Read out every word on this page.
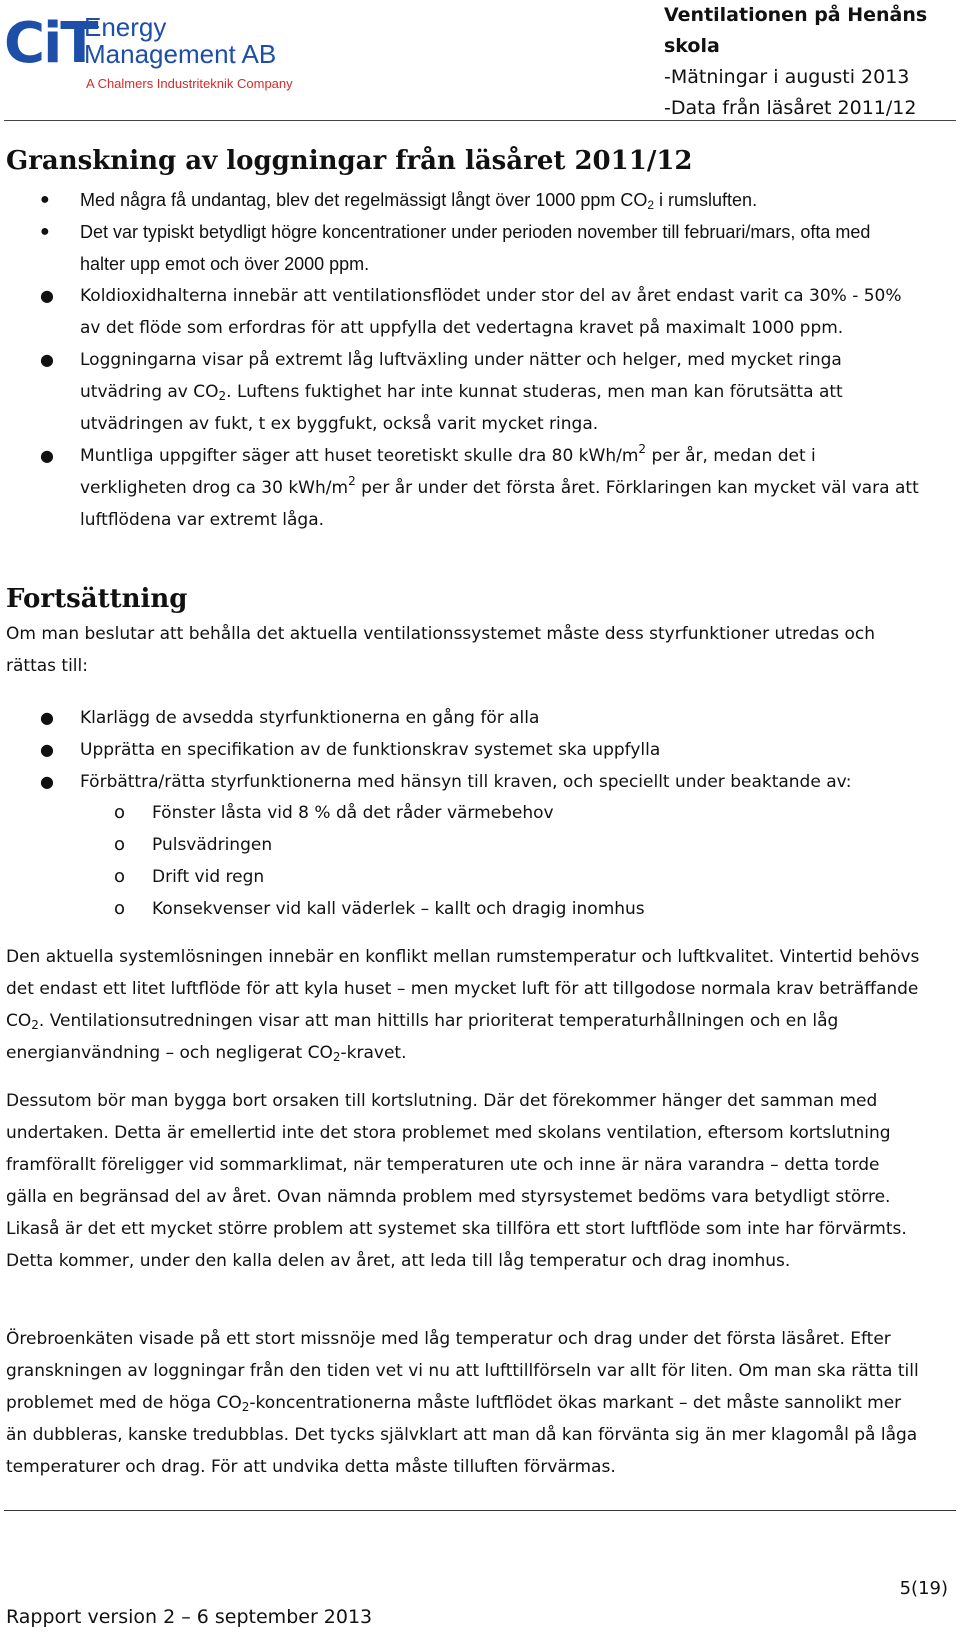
CiT
Energy
Management AB
A Chalmers Industriteknik Company
Ventilationen på Henåns skola
-Mätningar i augusti 2013
-Data från läsåret 2011/12
Granskning av loggningar från läsåret 2011/12
●	Med några få undantag, blev det regelmässigt långt över 1000 ppm $CO_2$ i rumsluften.
●	Det var typiskt betydligt högre koncentrationer under perioden november till februari/mars, ofta med halter upp emot och över 2000 ppm.
●	Koldioxidhalterna innebär att ventilationsflödet under stor del av året endast varit ca 30% - 50% av det flöde som erfordras för att uppfylla det vedertagna kravet på maximalt 1000 ppm.
●	Loggningarna visar på extremt låg luftväxling under nätter och helger, med mycket ringa utvädring av $CO_2$. Luftens fuktighet har inte kunnat studeras, men man kan förutsätta att utvädringen av fukt, t ex byggfukt, också varit mycket ringa.
●	Muntliga uppgifter säger att huset teoretiskt skulle dra 80 kWh/$m^2$ per år, medan det i verkligheten drog ca 30 kWh/$m^2$ per år under det första året. Förklaringen kan mycket väl vara att luftflödena var extremt låga.
Fortsättning

Om man beslutar att behålla det aktuella ventilationssystemet måste dess styrfunktioner utredas och rättas till:

●	Klarlägg de avsedda styrfunktionerna en gång för alla
●	Upprätta en specifikation av de funktionskrav systemet ska uppfylla
●	Förbättra/rätta styrfunktionerna med hänsyn till kraven, och speciellt under beaktande av:
o	Fönster låsta vid 8 % då det råder värmebehov
o	Pulsvädringen
o	Drift vid regn
o	Konsekvenser vid kall väderlek – kallt och dragig inomhus

Den aktuella systemlösningen innebär en konflikt mellan rumstemperatur och luftkvalitet. Vintertid behövs det endast ett litet luftflöde för att kyla huset – men mycket luft för att tillgodose normala krav beträffande $CO_2$. Ventilationsutredningen visar att man hittills har prioriterat temperaturhållningen och en låg energianvändning – och negligerat $CO_2$-kravet.

Dessutom bör man bygga bort orsaken till kortslutning. Där det förekommer hänger det samman med undertaken. Detta är emellertid inte det stora problemet med skolans ventilation, eftersom kortslutning framförallt föreligger vid sommarklimat, när temperaturen ute och inne är nära varandra – detta torde gälla en begränsad del av året. Ovan nämnda problem med styrsystemet bedöms vara betydligt större. Likaså är det ett mycket större problem att systemet ska tillföra ett stort luftflöde som inte har förvärmts. Detta kommer, under den kalla delen av året, att leda till låg temperatur och drag inomhus.

Örebroenkäten visade på ett stort missnöje med låg temperatur och drag under det första läsåret. Efter granskningen av loggningar från den tiden vet vi nu att lufttillförseln var allt för liten. Om man ska rätta till problemet med de höga $CO_2$-koncentrationerna måste luftflödet ökas markant – det måste sannolikt mer än dubbleras, kanske tredubblas. Det tycks självklart att man då kan förvänta sig än mer klagomål på låga temperaturer och drag. För att undvika detta måste tilluften förvärmas.

5(19)
Rapport version 2 – 6 september 2013
